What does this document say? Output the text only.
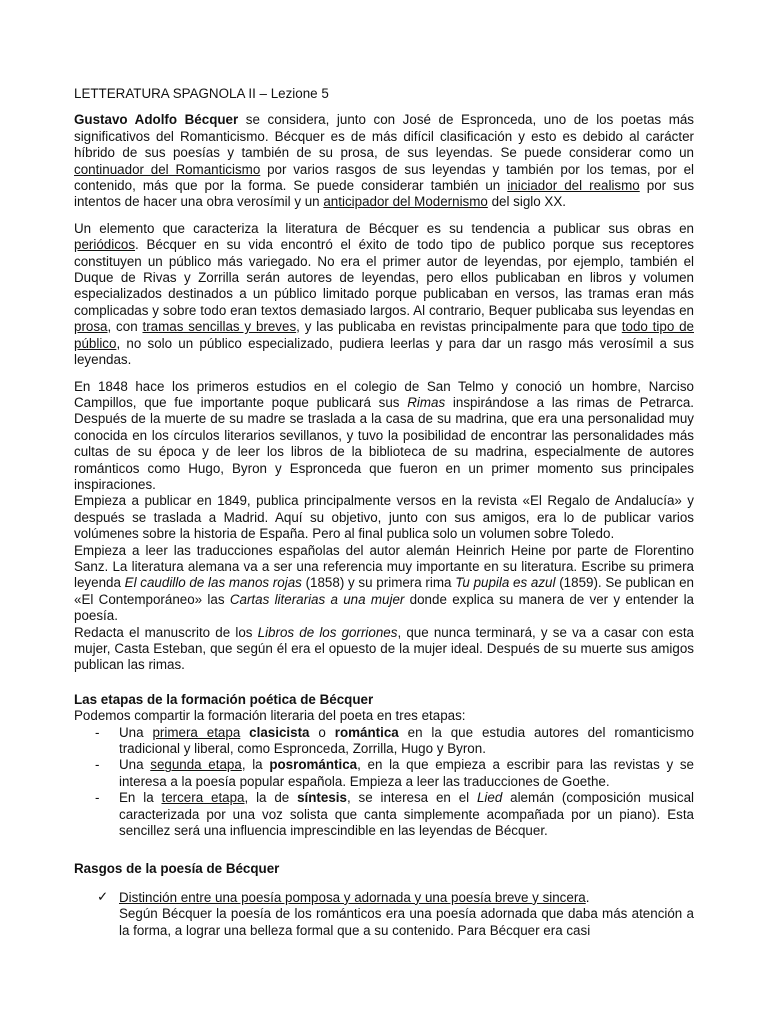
LETTERATURA SPAGNOLA II – Lezione 5

Gustavo Adolfo Bécquer se considera, junto con José de Espronceda, uno de los poetas más significativos del Romanticismo. Bécquer es de más difícil clasificación y esto es debido al carácter híbrido de sus poesías y también de su prosa, de sus leyendas. Se puede considerar como un continuador del Romanticismo por varios rasgos de sus leyendas y también por los temas, por el contenido, más que por la forma. Se puede considerar también un iniciador del realismo por sus intentos de hacer una obra verosímil y un anticipador del Modernismo del siglo XX.

Un elemento que caracteriza la literatura de Bécquer es su tendencia a publicar sus obras en periódicos. Bécquer en su vida encontró el éxito de todo tipo de publico porque sus receptores constituyen un público más variegado. No era el primer autor de leyendas, por ejemplo, también el Duque de Rivas y Zorrilla serán autores de leyendas, pero ellos publicaban en libros y volumen especializados destinados a un público limitado porque publicaban en versos, las tramas eran más complicadas y sobre todo eran textos demasiado largos. Al contrario, Bequer publicaba sus leyendas en prosa, con tramas sencillas y breves, y las publicaba en revistas principalmente para que todo tipo de público, no solo un público especializado, pudiera leerlas y para dar un rasgo más verosímil a sus leyendas.

En 1848 hace los primeros estudios en el colegio de San Telmo y conoció un hombre, Narciso Campillos, que fue importante poque publicará sus Rimas inspirándose a las rimas de Petrarca. Después de la muerte de su madre se traslada a la casa de su madrina, que era una personalidad muy conocida en los círculos literarios sevillanos, y tuvo la posibilidad de encontrar las personalidades más cultas de su época y de leer los libros de la biblioteca de su madrina, especialmente de autores románticos como Hugo, Byron y Espronceda que fueron en un primer momento sus principales inspiraciones.

Empieza a publicar en 1849, publica principalmente versos en la revista «El Regalo de Andalucía» y después se traslada a Madrid. Aquí su objetivo, junto con sus amigos, era lo de publicar varios volúmenes sobre la historia de España. Pero al final publica solo un volumen sobre Toledo.

Empieza a leer las traducciones españolas del autor alemán Heinrich Heine por parte de Florentino Sanz. La literatura alemana va a ser una referencia muy importante en su literatura. Escribe su primera leyenda El caudillo de las manos rojas (1858) y su primera rima Tu pupila es azul (1859). Se publican en «El Contemporáneo» las Cartas literarias a una mujer donde explica su manera de ver y entender la poesía.

Redacta el manuscrito de los Libros de los gorriones, que nunca terminará, y se va a casar con esta mujer, Casta Esteban, que según él era el opuesto de la mujer ideal. Después de su muerte sus amigos publican las rimas.

Las etapas de la formación poética de Bécquer

Podemos compartir la formación literaria del poeta en tres etapas:

- Una primera etapa clasicista o romántica en la que estudia autores del romanticismo tradicional y liberal, como Espronceda, Zorrilla, Hugo y Byron.
- Una segunda etapa, la posromántica, en la que empieza a escribir para las revistas y se interesa a la poesía popular española. Empieza a leer las traducciones de Goethe.
- En la tercera etapa, la de síntesis, se interesa en el Lied alemán (composición musical caracterizada por una voz solista que canta simplemente acompañada por un piano). Esta sencillez será una influencia imprescindible en las leyendas de Bécquer.

Rasgos de la poesía de Bécquer

✓ Distinción entre una poesía pomposa y adornada y una poesía breve y sincera.
Según Bécquer la poesía de los románticos era una poesía adornada que daba más atención a la forma, a lograr una belleza formal que a su contenido. Para Bécquer era casi
